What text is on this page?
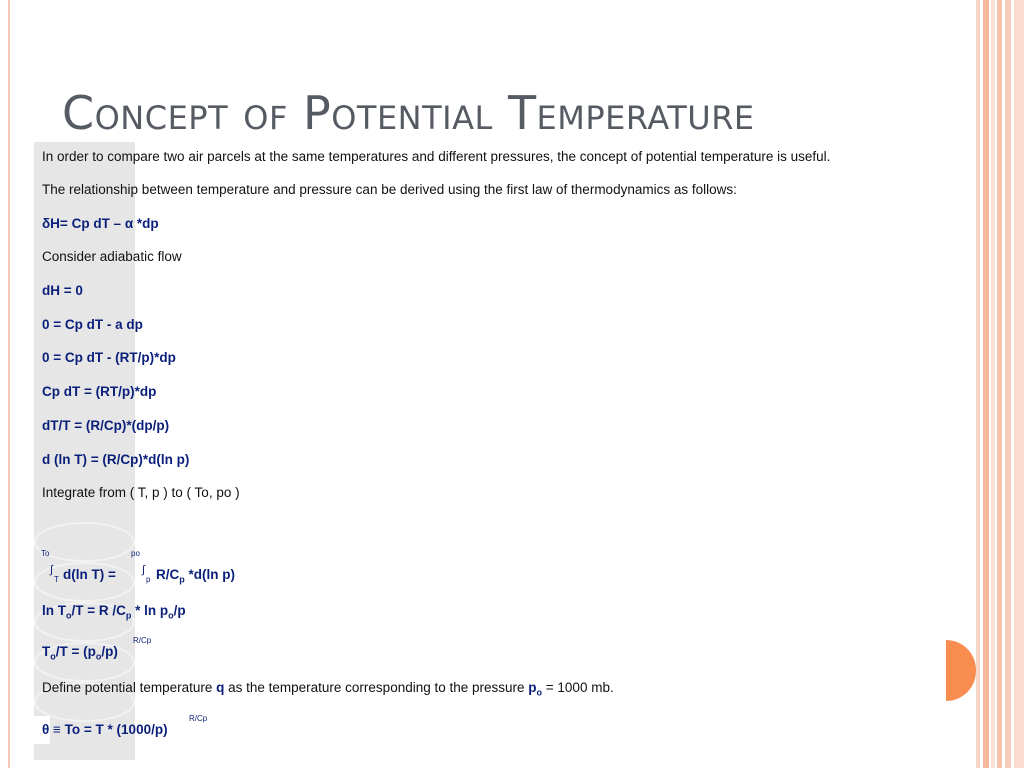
Concept of Potential Temperature
In order to compare two air parcels at the same temperatures and different pressures, the concept of potential temperature is useful.
The relationship between temperature and pressure can be derived using the first law of thermodynamics as follows:
δH= Cp dT – α *dp
Consider adiabatic flow
dH = 0
0 = Cp dT - a dp
0 = Cp dT - (RT/p)*dp
Cp dT = (RT/p)*dp
dT/T = (R/Cp)*(dp/p)
d (ln T) = (R/Cp)*d(ln p)
Integrate from ( T, p ) to ( To, po )
To	po
∫
T d(ln T) = ∫
p $R/C_p$ *d(ln p)
$\ln T_o/T = R$ $/C_p$ * $\ln p_o/p$
$T_o/T = (p_o/p)$
R/Cp
Define potential temperature q as the temperature corresponding to the pressure $p_o = 1000$ mb.
θ ≡ To = T * (1000/p)
R/Cp
